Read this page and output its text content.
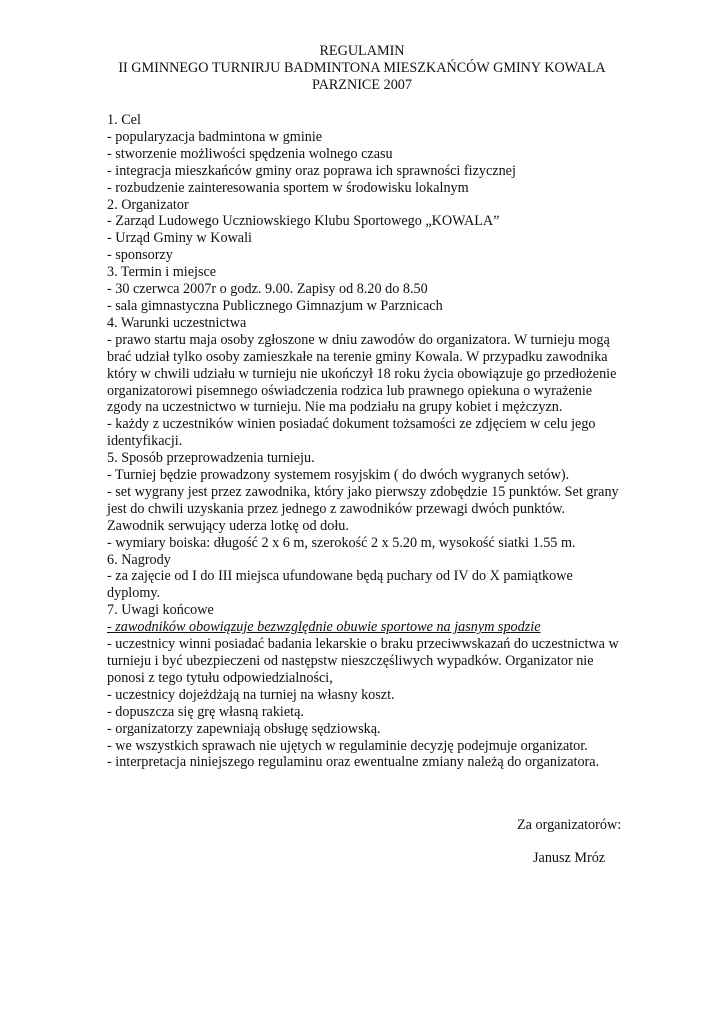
REGULAMIN
II GMINNEGO TURNIRJU BADMINTONA MIESZKAŃCÓW GMINY KOWALA
PARZNICE 2007
1. Cel
- popularyzacja badmintona w gminie
- stworzenie możliwości spędzenia wolnego czasu
- integracja mieszkańców gminy oraz poprawa ich sprawności fizycznej
- rozbudzenie zainteresowania sportem w środowisku lokalnym
2. Organizator
- Zarząd Ludowego Uczniowskiego Klubu Sportowego „KOWALA”
- Urząd Gminy w Kowali
- sponsorzy
3. Termin i miejsce
- 30 czerwca 2007r o godz. 9.00. Zapisy od 8.20 do 8.50
- sala gimnastyczna Publicznego Gimnazjum w Parznicach
4. Warunki uczestnictwa
- prawo startu maja osoby zgłoszone w dniu zawodów do organizatora. W turnieju mogą
brać udział tylko osoby zamieszkałe na terenie gminy Kowala. W przypadku zawodnika
który w chwili udziału w turnieju nie ukończył 18 roku życia obowiązuje go przedłożenie
organizatorowi pisemnego oświadczenia rodzica lub prawnego opiekuna o wyrażenie
zgody na uczestnictwo w turnieju. Nie ma podziału na grupy kobiet i mężczyzn.
- każdy z uczestników winien posiadać dokument tożsamości ze zdjęciem w celu jego
identyfikacji.
5. Sposób przeprowadzenia turnieju.
- Turniej będzie prowadzony systemem rosyjskim ( do dwóch wygranych setów).
- set wygrany jest przez zawodnika, który jako pierwszy zdobędzie 15 punktów. Set grany
jest do chwili uzyskania przez jednego z zawodników przewagi dwóch punktów.
Zawodnik serwujący uderza lotkę od dołu.
- wymiary boiska: długość 2 x 6 m, szerokość 2 x 5.20 m, wysokość siatki 1.55 m.
6. Nagrody
- za zajęcie od I do III miejsca ufundowane będą puchary od IV do X pamiątkowe
dyplomy.
7. Uwagi końcowe
- zawodników obowiązuje bezwzględnie obuwie sportowe na jasnym spodzie
- uczestnicy winni posiadać badania lekarskie o braku przeciwwskazań do uczestnictwa w
turnieju i być ubezpieczeni od następstw nieszczęśliwych wypadków. Organizator nie
ponosi z tego tytułu odpowiedzialności,
- uczestnicy dojeżdżają na turniej na własny koszt.
- dopuszcza się grę własną rakietą.
- organizatorzy zapewniają obsługę sędziowską.
- we wszystkich sprawach nie ujętych w regulaminie decyzję podejmuje organizator.
- interpretacja niniejszego regulaminu oraz ewentualne zmiany należą do organizatora.
Za organizatorów:
Janusz Mróz
